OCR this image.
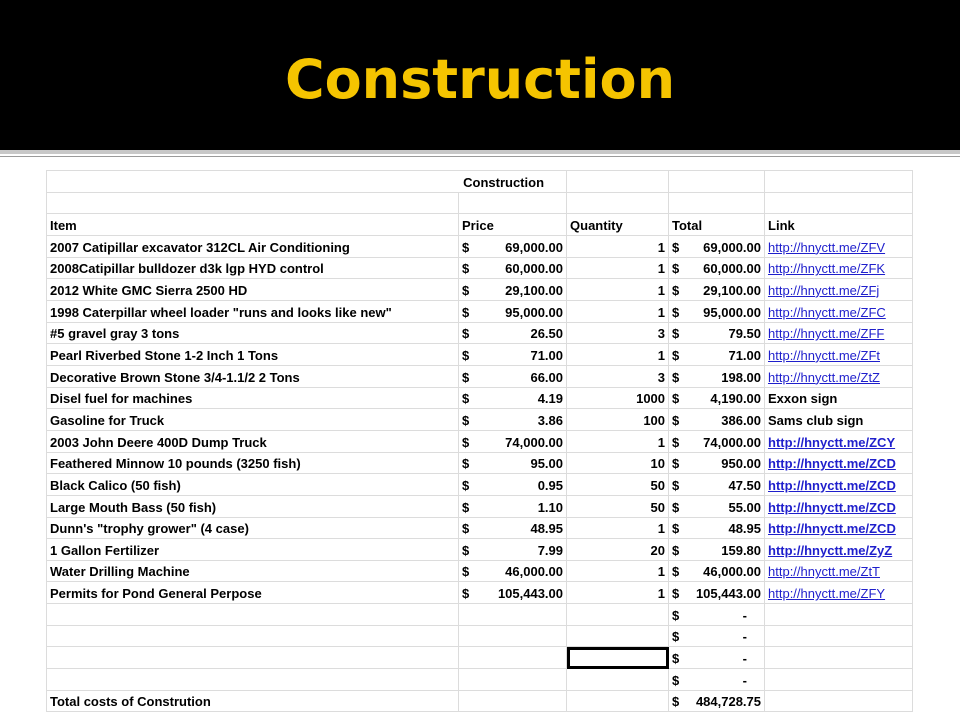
Construction
Construction				

Item	Price	Quantity	Total	Link
2007 Catipillar excavator 312CL Air Conditioning	$ 69,000.00	1	$ 69,000.00	http://hnyctt.me/ZFV
2008Catipillar bulldozer d3k lgp HYD control	$ 60,000.00	1	$ 60,000.00	http://hnyctt.me/ZFK
2012 White GMC Sierra 2500 HD	$ 29,100.00	1	$ 29,100.00	http://hnyctt.me/ZFj
1998 Caterpillar wheel loader "runs and looks like new"	$ 95,000.00	1	$ 95,000.00	http://hnyctt.me/ZFC
#5 gravel gray 3 tons	$ 26.50	3	$ 79.50	http://hnyctt.me/ZFF
Pearl Riverbed Stone 1-2 Inch 1 Tons	$ 71.00	1	$ 71.00	http://hnyctt.me/ZFt
Decorative Brown Stone 3/4-1.1/2 2 Tons	$ 66.00	3	$ 198.00	http://hnyctt.me/ZtZ
Disel fuel for machines	$ 4.19	1000	$ 4,190.00	Exxon sign
Gasoline for Truck	$ 3.86	100	$ 386.00	Sams club sign
2003 John Deere 400D Dump Truck	$ 74,000.00	1	$ 74,000.00	http://hnyctt.me/ZCY
Feathered Minnow 10 pounds (3250 fish)	$ 95.00	10	$ 950.00	http://hnyctt.me/ZCD
Black Calico (50 fish)	$ 0.95	50	$ 47.50	http://hnyctt.me/ZCD
Large Mouth Bass (50 fish)	$ 1.10	50	$ 55.00	http://hnyctt.me/ZCD
Dunn's "trophy grower" (4 case)	$ 48.95	1	$ 48.95	http://hnyctt.me/ZCD
1 Gallon Fertilizer	$ 7.99	20	$ 159.80	http://hnyctt.me/ZyZ
Water Drilling Machine	$ 46,000.00	1	$ 46,000.00	http://hnyctt.me/ZtT
Permits for Pond General Perpose	$ 105,443.00	1	$ 105,443.00	http://hnyctt.me/ZFY

			$ -	

			$ -	

			$ -	

			$ -	

Total costs of Constrution			$ 484,728.75	
